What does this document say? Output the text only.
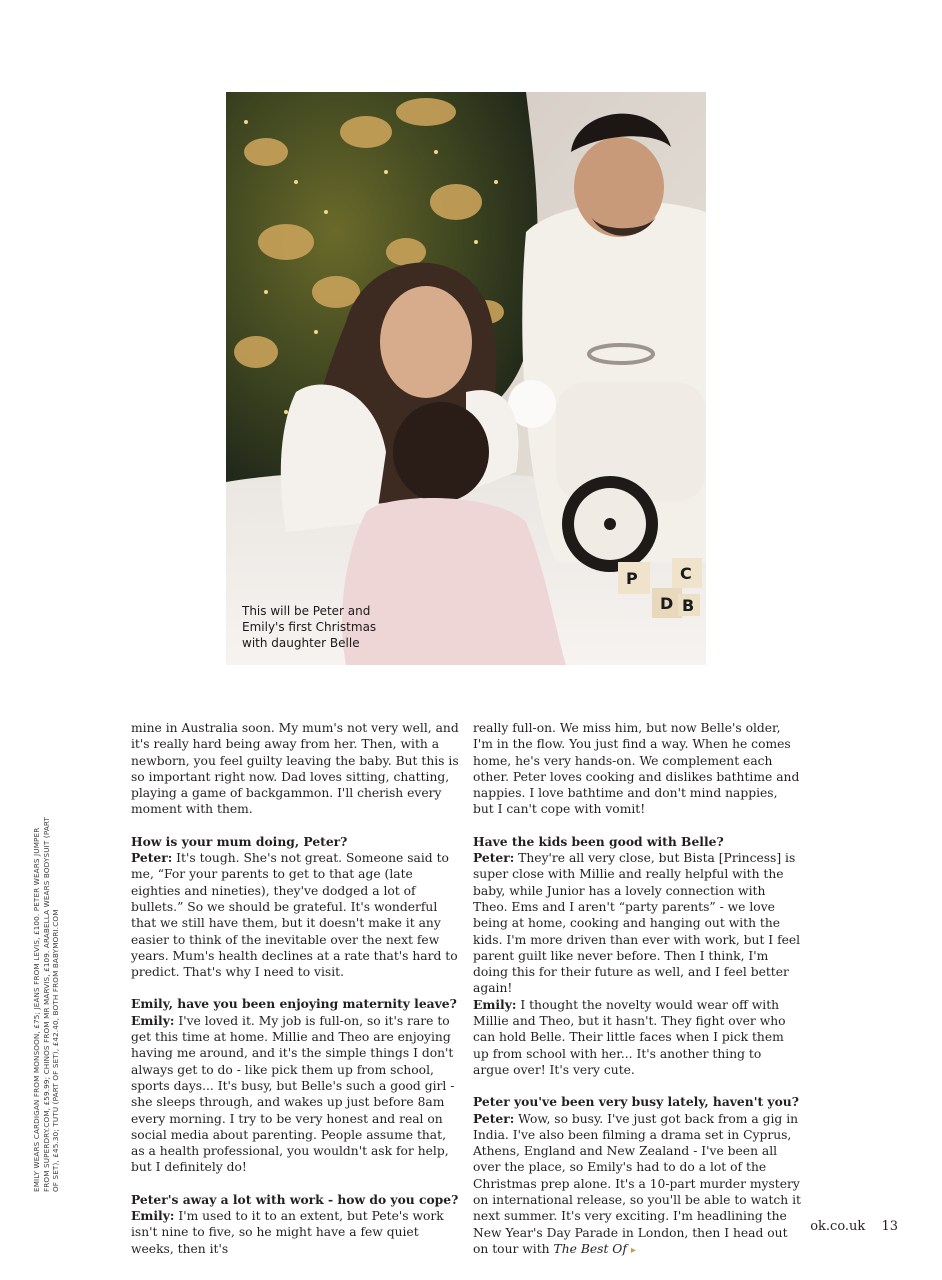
P
D B
C
This will be Peter and
Emily's first Christmas
with daughter Belle
EMILY WEARS CARDIGAN FROM MONSOON, £75; JEANS FROM LEVIS, £100. PETER WEARS JUMPER FROM SUPERDRY.COM, £59.99; CHINOS FROM MR MARVIS, £109. ARABELLA WEARS BODYSUIT (PART OF SET), £45.30; TUTU (PART OF SET), £42.40, BOTH FROM BABYMORI.COM

mine in Australia soon. My mum's not very well, and it's really hard being away from her. Then, with a newborn, you feel guilty leaving the baby. But this is so important right now. Dad loves sitting, chatting, playing a game of backgammon. I'll cherish every moment with them.

How is your mum doing, Peter?
Peter: It's tough. She's not great. Someone said to me, “For your parents to get to that age (late eighties and nineties), they've dodged a lot of bullets.” So we should be grateful. It's wonderful that we still have them, but it doesn't make it any easier to think of the inevitable over the next few years. Mum's health declines at a rate that's hard to predict. That's why I need to visit.

Emily, have you been enjoying maternity leave?
Emily: I've loved it. My job is full-on, so it's rare to get this time at home. Millie and Theo are enjoying having me around, and it's the simple things I don't always get to do - like pick them up from school, sports days... It's busy, but Belle's such a good girl - she sleeps through, and wakes up just before 8am every morning. I try to be very honest and real on social media about parenting. People assume that, as a health professional, you wouldn't ask for help, but I definitely do!

Peter's away a lot with work - how do you cope?
Emily: I'm used to it to an extent, but Pete's work isn't nine to five, so he might have a few quiet weeks, then it's

really full-on. We miss him, but now Belle's older, I'm in the flow. You just find a way. When he comes home, he's very hands-on. We complement each other. Peter loves cooking and dislikes bathtime and nappies. I love bathtime and don't mind nappies, but I can't cope with vomit!

Have the kids been good with Belle?
Peter: They're all very close, but Bista [Princess] is super close with Millie and really helpful with the baby, while Junior has a lovely connection with Theo. Ems and I aren't “party parents” - we love being at home, cooking and hanging out with the kids. I'm more driven than ever with work, but I feel parent guilt like never before. Then I think, I'm doing this for their future as well, and I feel better again!
Emily: I thought the novelty would wear off with Millie and Theo, but it hasn't. They fight over who can hold Belle. Their little faces when I pick them up from school with her... It's another thing to argue over! It's very cute.

Peter you've been very busy lately, haven't you?
Peter: Wow, so busy. I've just got back from a gig in India. I've also been filming a drama set in Cyprus, Athens, England and New Zealand - I've been all over the place, so Emily's had to do a lot of the Christmas prep alone. It's a 10-part murder mystery on international release, so you'll be able to watch it next summer. It's very exciting. I'm headlining the New Year's Day Parade in London, then I head out on tour with The Best Of ▸

ok.co.uk 13
